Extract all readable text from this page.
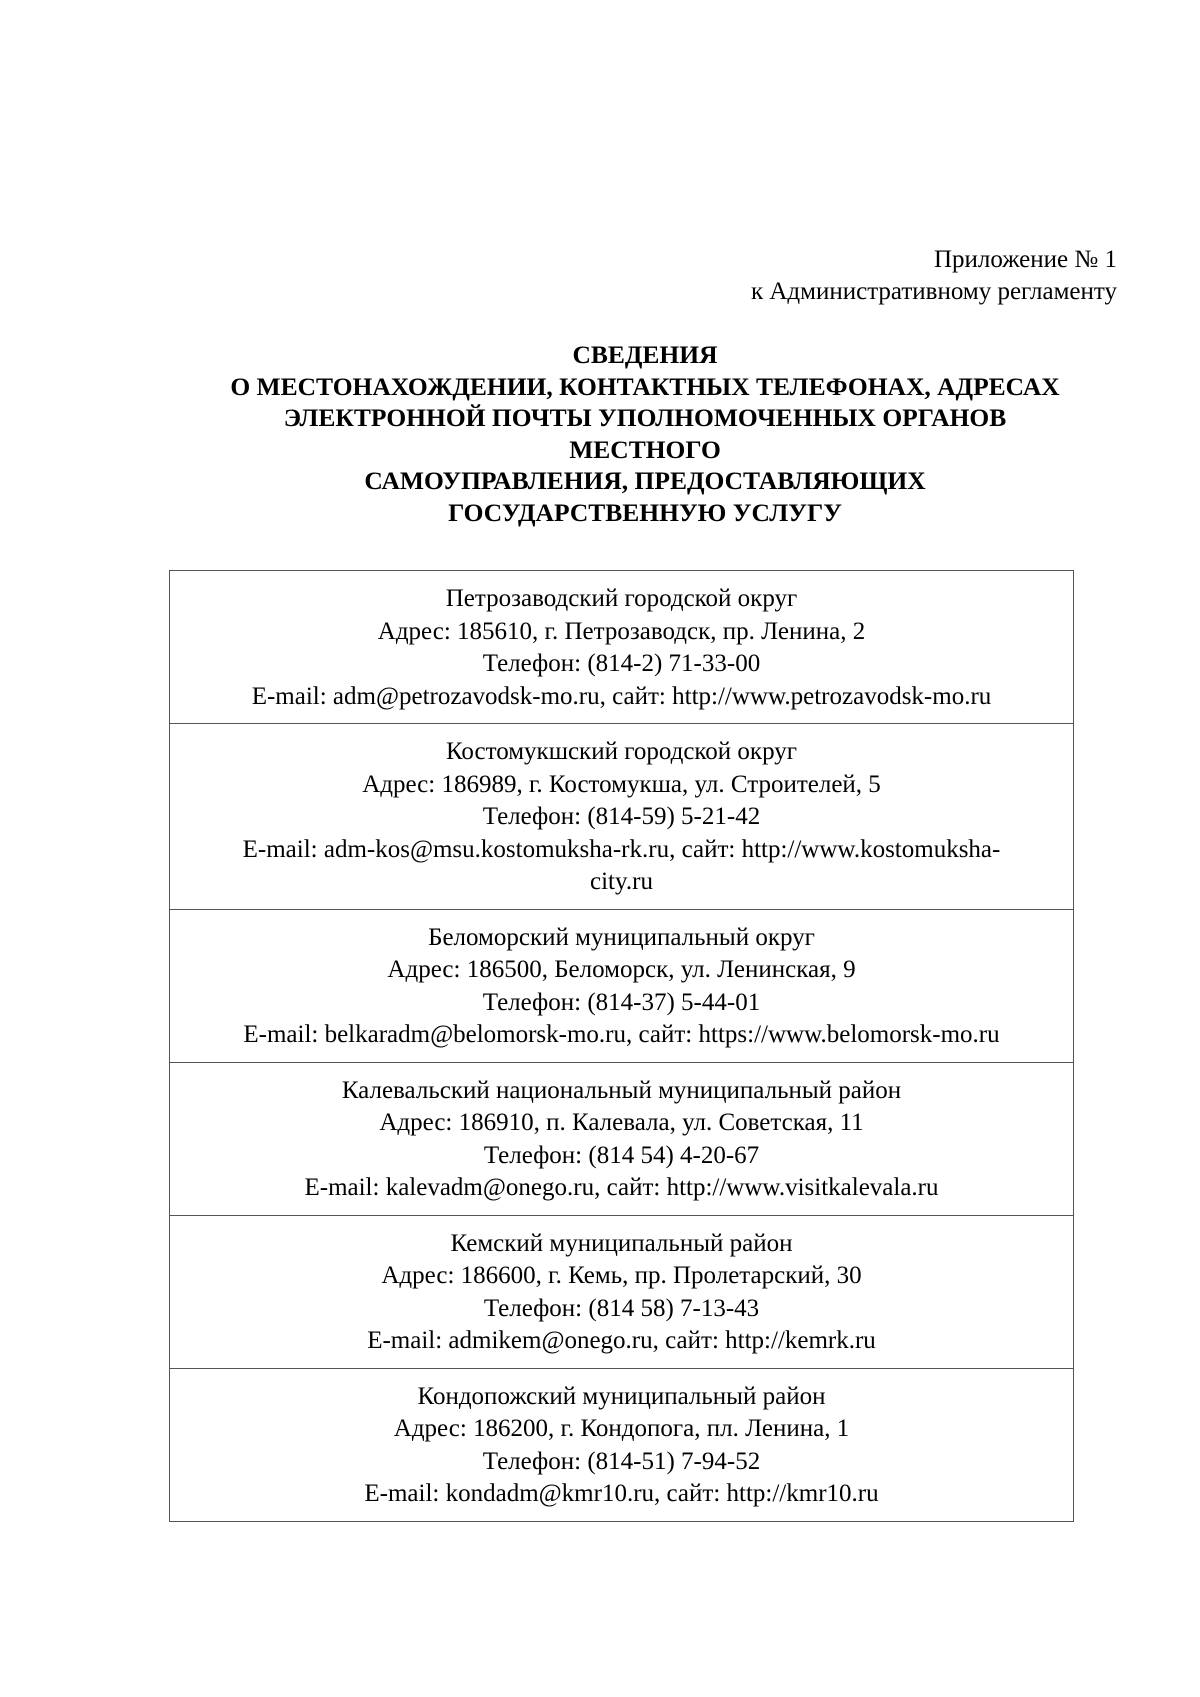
Приложение № 1
к Административному регламенту
СВЕДЕНИЯ
О МЕСТОНАХОЖДЕНИИ, КОНТАКТНЫХ ТЕЛЕФОНАХ, АДРЕСАХ
ЭЛЕКТРОННОЙ ПОЧТЫ УПОЛНОМОЧЕННЫХ ОРГАНОВ
МЕСТНОГО
САМОУПРАВЛЕНИЯ, ПРЕДОСТАВЛЯЮЩИХ
ГОСУДАРСТВЕННУЮ УСЛУГУ
Петрозаводский городской округ
Адрес: 185610, г. Петрозаводск, пр. Ленина, 2
Телефон: (814-2) 71-33-00
E-mail: adm@petrozavodsk-mo.ru, сайт: http://www.petrozavodsk-mo.ru

Костомукшский городской округ
Адрес: 186989, г. Костомукша, ул. Строителей, 5
Телефон: (814-59) 5-21-42
E-mail: adm-kos@msu.kostomuksha-rk.ru, сайт: http://www.kostomuksha-
city.ru

Беломорский муниципальный округ
Адрес: 186500, Беломорск, ул. Ленинская, 9
Телефон: (814-37) 5-44-01
E-mail: belkaradm@belomorsk-mo.ru, сайт: https://www.belomorsk-mo.ru

Калевальский национальный муниципальный район
Адрес: 186910, п. Калевала, ул. Советская, 11
Телефон: (814 54) 4-20-67
E-mail: kalevadm@onego.ru, сайт: http://www.visitkalevala.ru

Кемский муниципальный район
Адрес: 186600, г. Кемь, пр. Пролетарский, 30
Телефон: (814 58) 7-13-43
E-mail: admikem@onego.ru, сайт: http://kemrk.ru

Кондопожский муниципальный район
Адрес: 186200, г. Кондопога, пл. Ленина, 1
Телефон: (814-51) 7-94-52
E-mail: kondadm@kmr10.ru, сайт: http://kmr10.ru
